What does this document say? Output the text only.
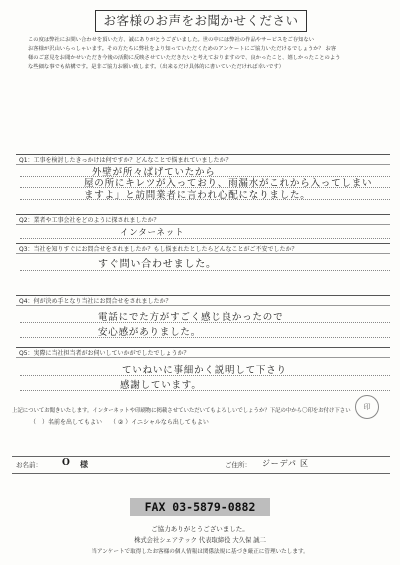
お客様のお声をお聞かせください
この度は弊社にお問い合わせを頂いた方、誠にありがとうございました。世の中には弊社の作品やサービスをご存知ない
お客様が沢山いらっしゃいます。その方たちに弊社をより知っていただくためのアンケートにご協力いただけるでしょうか？ お客
様のご意見をお聞かせいただき今後の活動に反映させていただきたいと考えておりますので、良かったこと、嬉しかったことのよう
な些細な事でも結構です。是非ご協力お願い致します。（出来るだけ具体的に書いていただければ幸いです）
Q1：工事を検討したきっかけは何ですか？どんなことで悩まれていましたか？
外壁が所々ぱげていたから
屋の所にキレツが入っており、雨漏水がこれから入ってしまい
ますよ」と訪問業者に言われ心配になりました。
Q2：業者や工事会社をどのように探されましたか？
インターネット
Q3：当社を知りすぐにお問合せをされましたか？もし悩まれたとしたらどんなことがご不安でしたか？
すぐ問い合わせました。
Q4：何が決め手となり当社にお問合せをされましたか？
電話にでた方がすごく感じ良かったので
安心感がありました。
Q5：実際に当社担当者がお伺いしていかがでしたでしょうか？
ていねいに事細かく説明して下さり
感謝しています。
上記についてお聞きいたします。インターネットや印刷物に掲載させていただいてもよろしいでしょうか？下記の中から〇印をお付け下さい
（　）名前を出してもよい （ ② ）イニシャルなら出してもよい
印
お名前： O 様	ご住所： ジーデパ 区
FAX 03-5879-0882
ご協力ありがとうございました。
株式会社シェアテック 代表取締役 大久保 誠二
当アンケートで取得したお客様の個人情報は関係法規に基づき厳正に管理いたします。
